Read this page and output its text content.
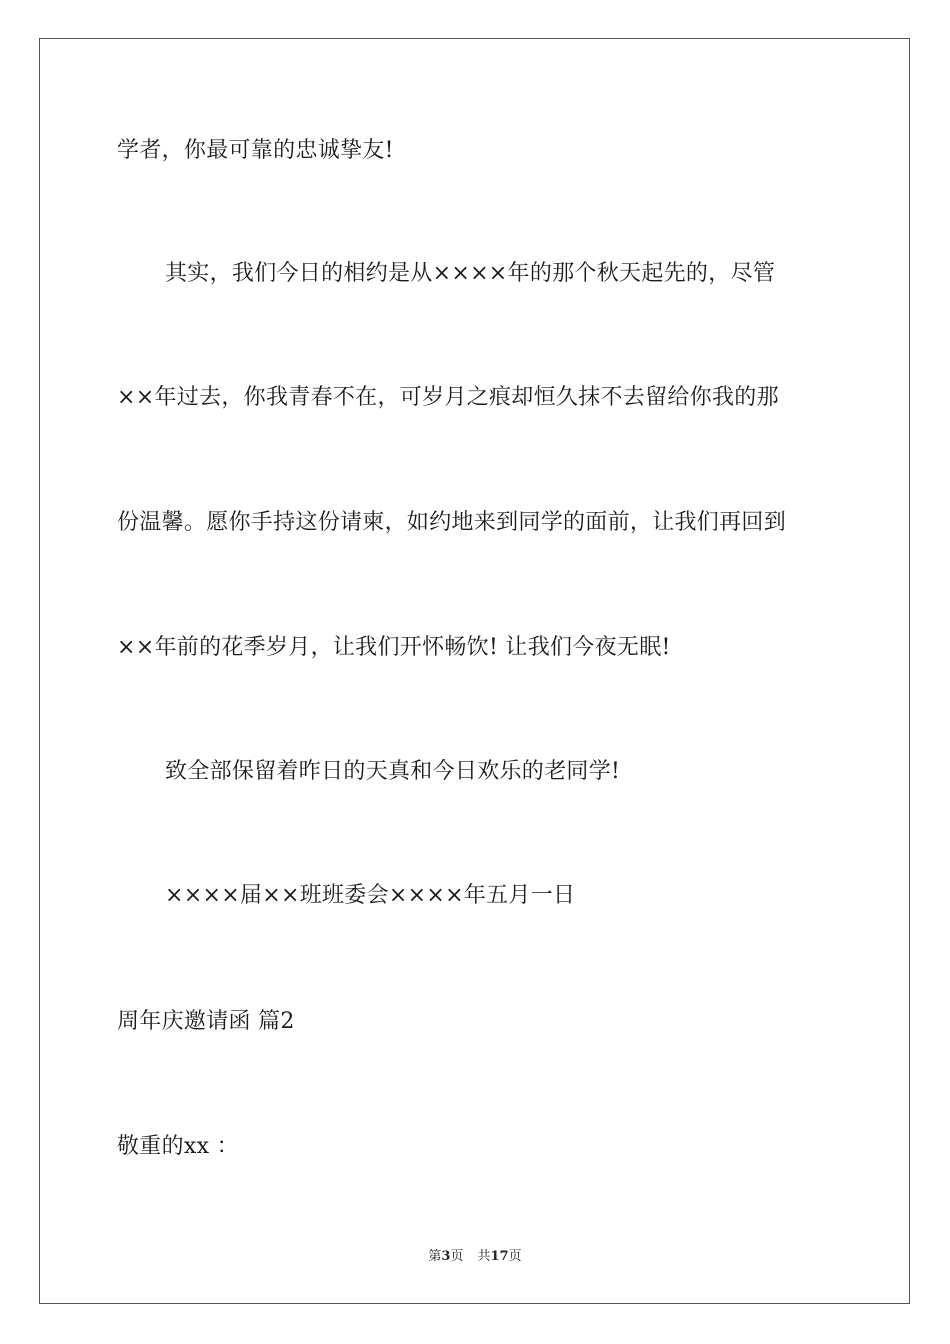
学者，你最可靠的忠诚挚友!
其实，我们今日的相约是从××××年的那个秋天起先的，尽管
××年过去，你我青春不在，可岁月之痕却恒久抹不去留给你我的那
份温馨。愿你手持这份请柬，如约地来到同学的面前，让我们再回到
××年前的花季岁月，让我们开怀畅饮! 让我们今夜无眠!
致全部保留着昨日的天真和今日欢乐的老同学!
××××届××班班委会××××年五月一日
周年庆邀请函 篇2
敬重的xx ：
第3页 共17页
